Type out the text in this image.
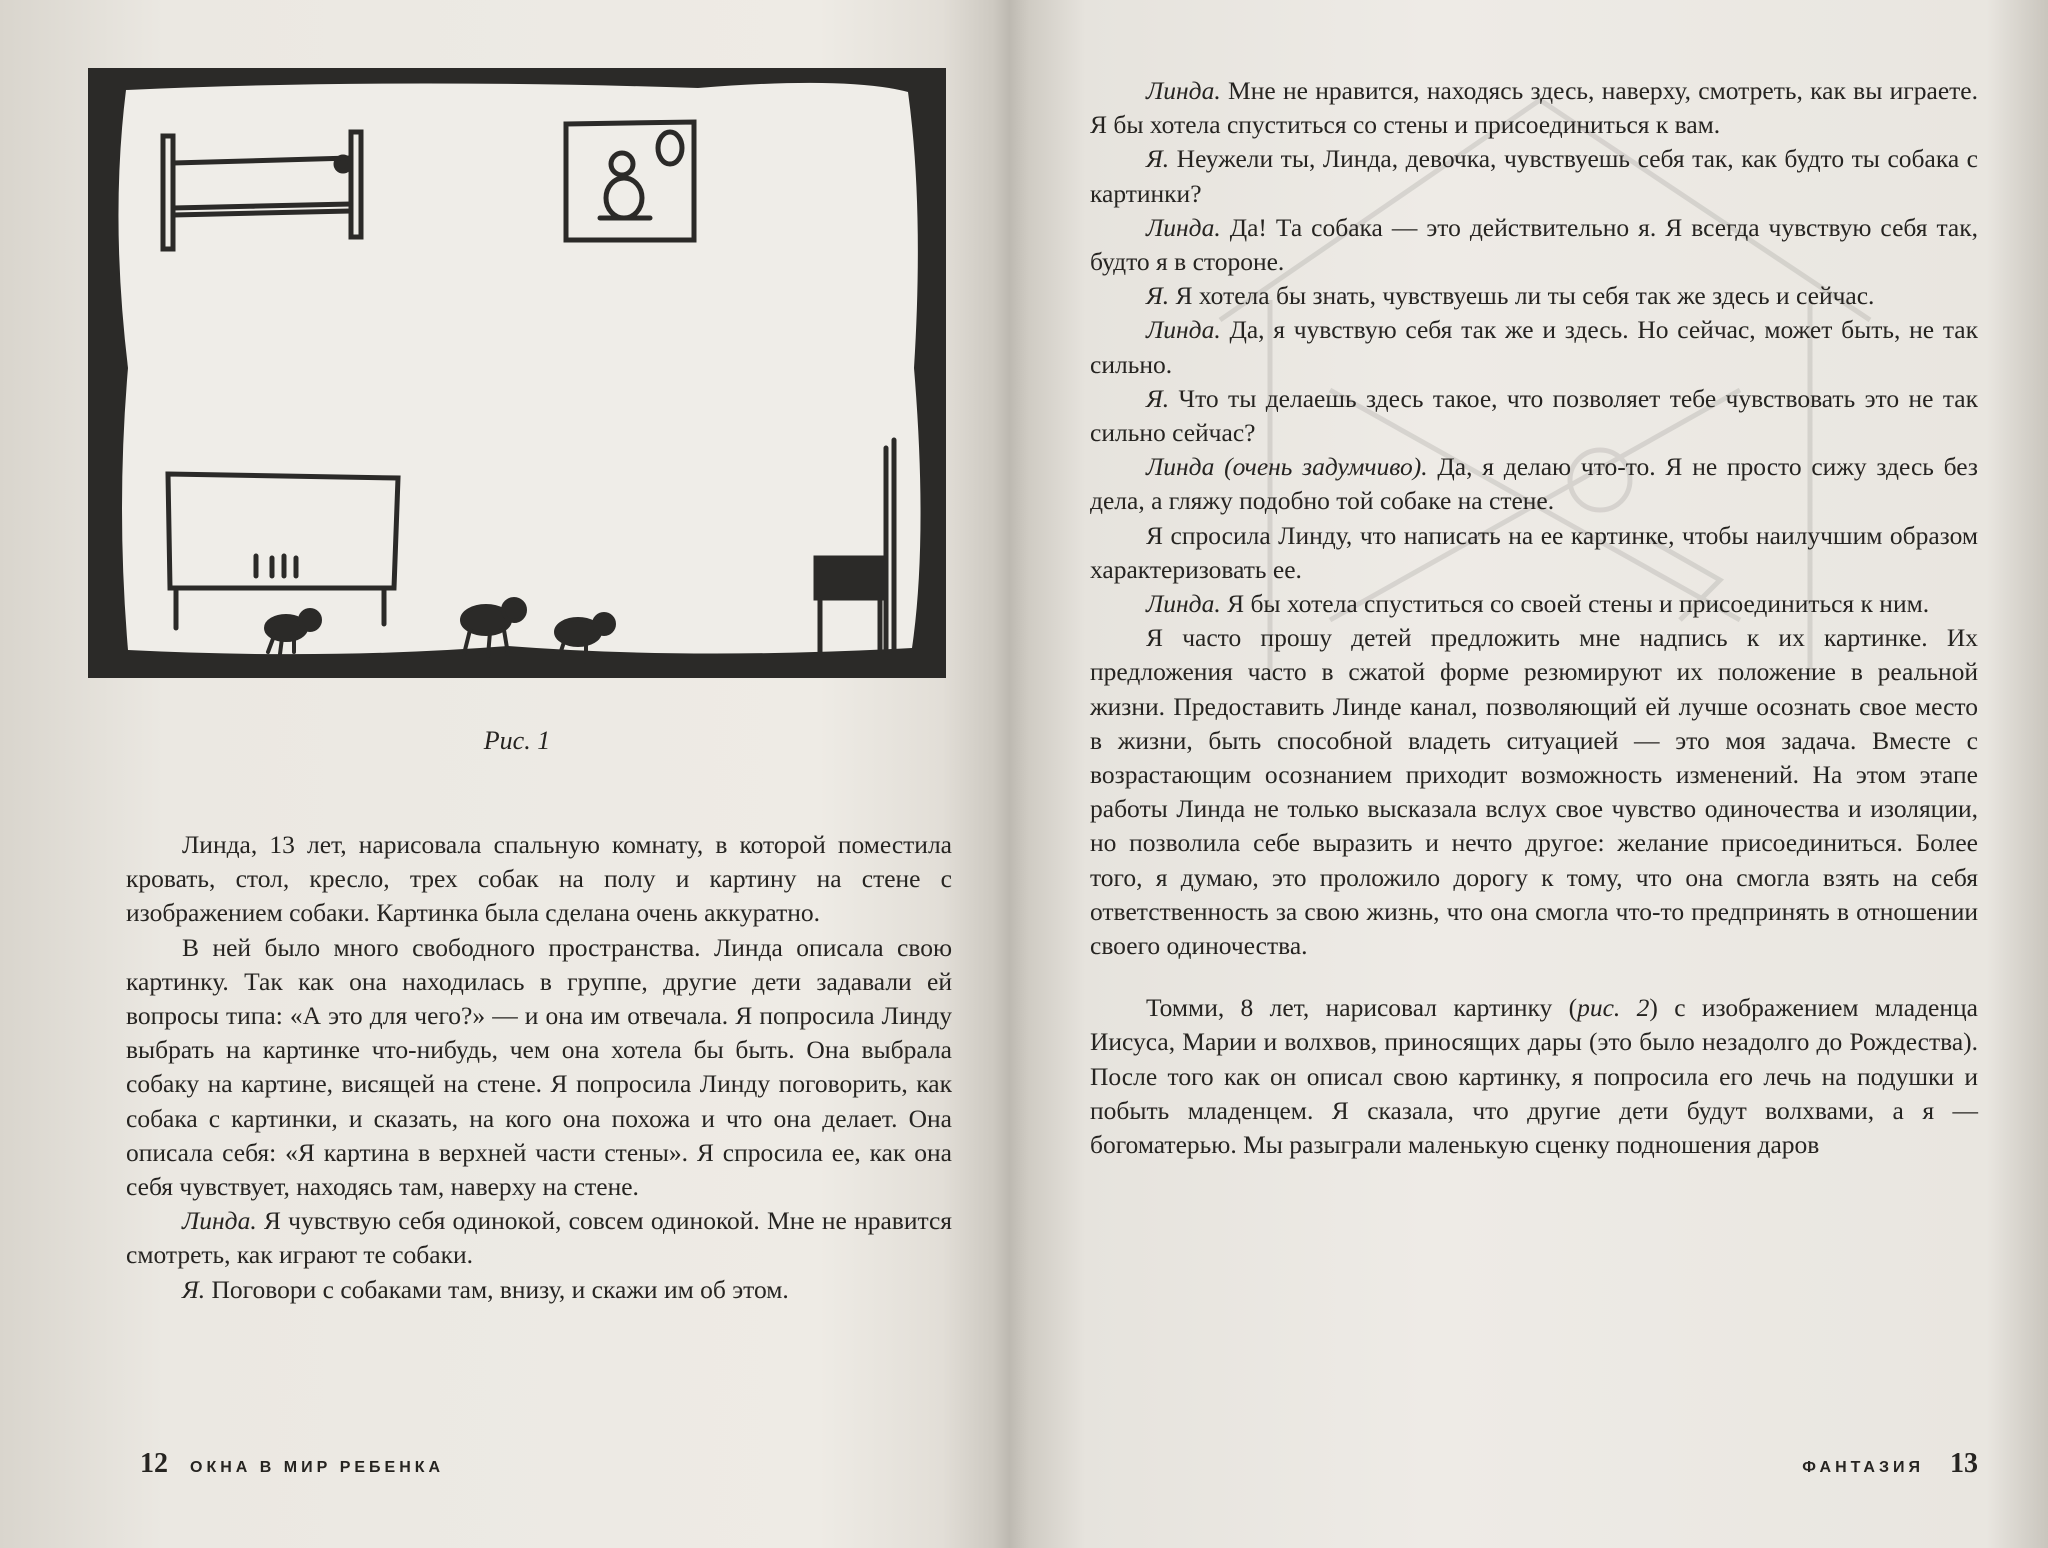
Рис. 1

Линда, 13 лет, нарисовала спальную комнату, в которой поместила кровать, стол, кресло, трех собак на полу и картину на стене с изображением собаки. Картинка была сделана очень аккуратно.

В ней было много свободного пространства. Линда описала свою картинку. Так как она находилась в группе, другие дети задавали ей вопросы типа: «А это для чего?» — и она им отвечала. Я попросила Линду выбрать на картинке что-нибудь, чем она хотела бы быть. Она выбрала собаку на картине, висящей на стене. Я попросила Линду поговорить, как собака с картинки, и сказать, на кого она похожа и что она делает. Она описала себя: «Я картина в верхней части стены». Я спросила ее, как она себя чувствует, находясь там, наверху на стене.

Линда. Я чувствую себя одинокой, совсем одинокой. Мне не нравится смотреть, как играют те собаки.

Я. Поговори с собаками там, внизу, и скажи им об этом.

12 ОКНА В МИР РЕБЕНКА

Линда. Мне не нравится, находясь здесь, наверху, смотреть, как вы играете. Я бы хотела спуститься со стены и присоединиться к вам.

Я. Неужели ты, Линда, девочка, чувствуешь себя так, как будто ты собака с картинки?

Линда. Да! Та собака — это действительно я. Я всегда чувствую себя так, будто я в стороне.

Я. Я хотела бы знать, чувствуешь ли ты себя так же здесь и сейчас.

Линда. Да, я чувствую себя так же и здесь. Но сейчас, может быть, не так сильно.

Я. Что ты делаешь здесь такое, что позволяет тебе чувствовать это не так сильно сейчас?

Линда (очень задумчиво). Да, я делаю что-то. Я не просто сижу здесь без дела, а гляжу подобно той собаке на стене.

Я спросила Линду, что написать на ее картинке, чтобы наилучшим образом характеризовать ее.

Линда. Я бы хотела спуститься со своей стены и присоединиться к ним.

Я часто прошу детей предложить мне надпись к их картинке. Их предложения часто в сжатой форме резюмируют их положение в реальной жизни. Предоставить Линде канал, позволяющий ей лучше осознать свое место в жизни, быть способной владеть ситуацией — это моя задача. Вместе с возрастающим осознанием приходит возможность изменений. На этом этапе работы Линда не только высказала вслух свое чувство одиночества и изоляции, но позволила себе выразить и нечто другое: желание присоединиться. Более того, я думаю, это проложило дорогу к тому, что она смогла взять на себя ответственность за свою жизнь, что она смогла что-то предпринять в отношении своего одиночества.

Томми, 8 лет, нарисовал картинку (рис. 2) с изображением младенца Иисуса, Марии и волхвов, приносящих дары (это было незадолго до Рождества). После того как он описал свою картинку, я попросила его лечь на подушки и побыть младенцем. Я сказала, что другие дети будут волхвами, а я — богоматерью. Мы разыграли маленькую сценку подношения даров

ФАНТАЗИЯ 13
